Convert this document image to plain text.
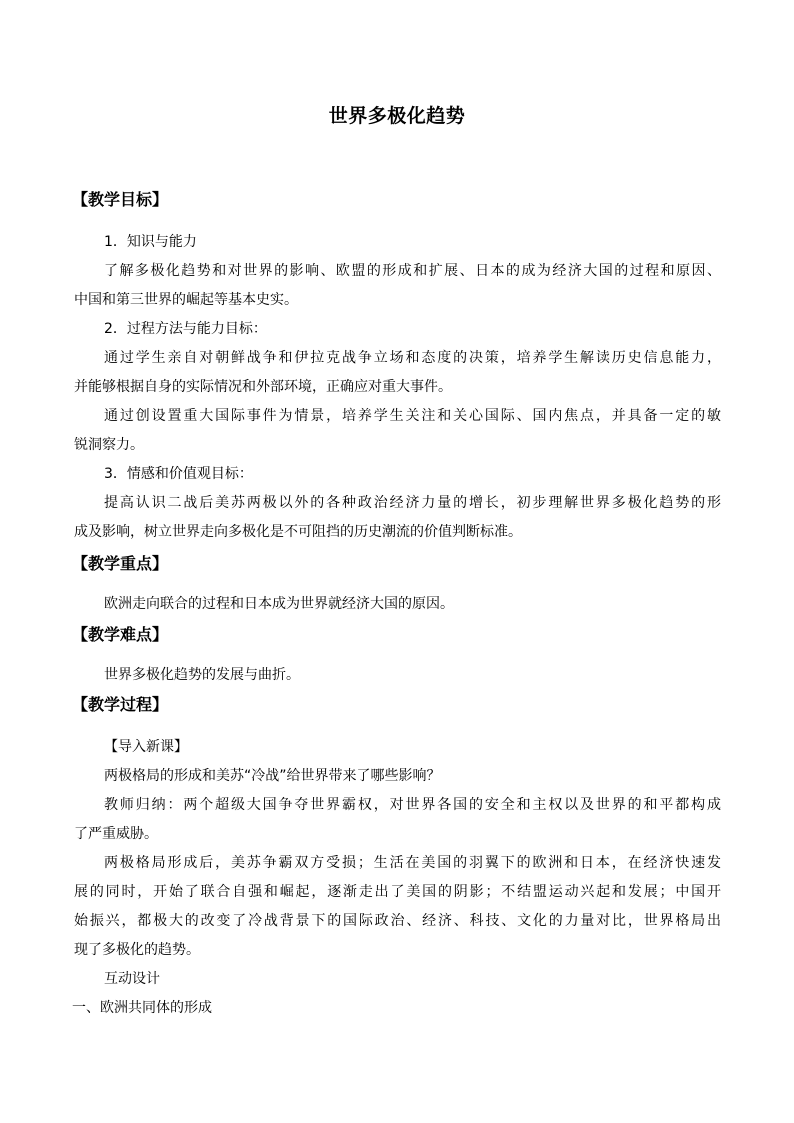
世界多极化趋势
【教学目标】
1．知识与能力
了解多极化趋势和对世界的影响、欧盟的形成和扩展、日本的成为经济大国的过程和原因、
中国和第三世界的崛起等基本史实。
2．过程方法与能力目标：
通过学生亲自对朝鲜战争和伊拉克战争立场和态度的决策，培养学生解读历史信息能力，
并能够根据自身的实际情况和外部环境，正确应对重大事件。
通过创设置重大国际事件为情景，培养学生关注和关心国际、国内焦点，并具备一定的敏
锐洞察力。
3．情感和价值观目标：
提高认识二战后美苏两极以外的各种政治经济力量的增长，初步理解世界多极化趋势的形
成及影响，树立世界走向多极化是不可阻挡的历史潮流的价值判断标准。
【教学重点】
欧洲走向联合的过程和日本成为世界就经济大国的原因。
【教学难点】
世界多极化趋势的发展与曲折。
【教学过程】
【导入新课】
两极格局的形成和美苏“冷战”给世界带来了哪些影响？
教师归纳：两个超级大国争夺世界霸权，对世界各国的安全和主权以及世界的和平都构成
了严重威胁。
两极格局形成后，美苏争霸双方受损；生活在美国的羽翼下的欧洲和日本，在经济快速发
展的同时，开始了联合自强和崛起，逐渐走出了美国的阴影；不结盟运动兴起和发展；中国开
始振兴，都极大的改变了冷战背景下的国际政治、经济、科技、文化的力量对比，世界格局出
现了多极化的趋势。
互动设计
一、欧洲共同体的形成
